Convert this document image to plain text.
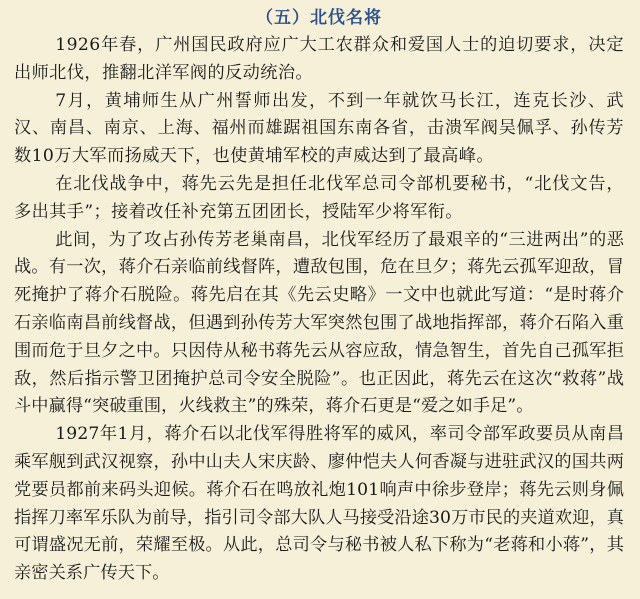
（五）北伐名将

1926年春，广州国民政府应广大工农群众和爱国人士的迫切要求，决定出师北伐，推翻北洋军阀的反动统治。

7月，黄埔师生从广州誓师出发，不到一年就饮马长江，连克长沙、武汉、南昌、南京、上海、福州而雄踞祖国东南各省，击溃军阀吴佩孚、孙传芳数10万大军而扬威天下，也使黄埔军校的声威达到了最高峰。

在北伐战争中，蒋先云先是担任北伐军总司令部机要秘书，“北伐文告，多出其手”；接着改任补充第五团团长，授陆军少将军衔。

此间，为了攻占孙传芳老巢南昌，北伐军经历了最艰辛的“三进两出”的恶战。有一次，蒋介石亲临前线督阵，遭敌包围，危在旦夕；蒋先云孤军迎敌，冒死掩护了蒋介石脱险。蒋先启在其《先云史略》一文中也就此写道：“是时蒋介石亲临南昌前线督战，但遇到孙传芳大军突然包围了战地指挥部，蒋介石陷入重围而危于旦夕之中。只因侍从秘书蒋先云从容应敌，情急智生，首先自己孤军拒敌，然后指示警卫团掩护总司令安全脱险”。也正因此，蒋先云在这次“救蒋”战斗中赢得“突破重围，火线救主”的殊荣，蒋介石更是“爱之如手足”。

1927年1月，蒋介石以北伐军得胜将军的威风，率司令部军政要员从南昌乘军舰到武汉视察，孙中山夫人宋庆龄、廖仲恺夫人何香凝与进驻武汉的国共两党要员都前来码头迎候。蒋介石在鸣放礼炮101响声中徐步登岸；蒋先云则身佩指挥刀率军乐队为前导，指引司令部大队人马接受沿途30万市民的夹道欢迎，真可谓盛况无前，荣耀至极。从此，总司令与秘书被人私下称为“老蒋和小蒋”，其亲密关系广传天下。
